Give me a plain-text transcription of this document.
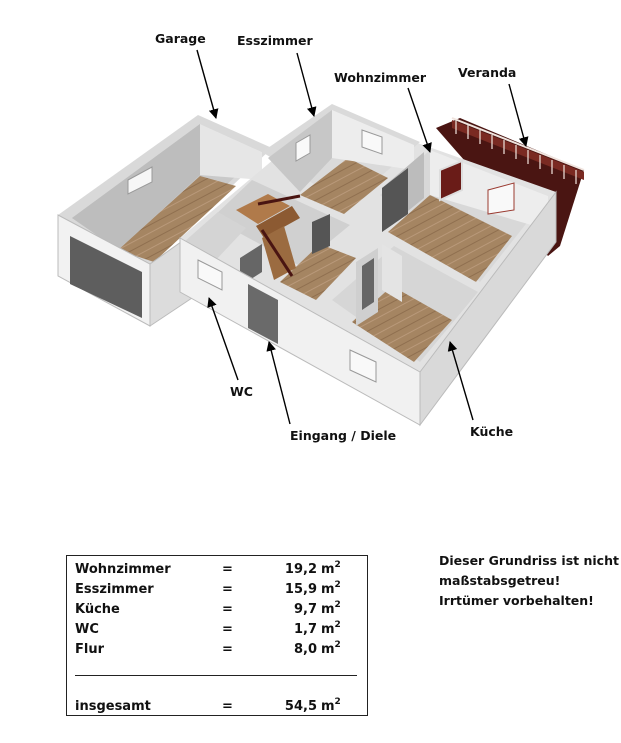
Garage	Esszimmer
Wohnzimmer	Veranda
WC
Eingang / Diele	Küche
Wohnzimmer	=	19,2 $m^2$
Esszimmer	=	15,9 $m^2$
Küche	=	9,7 $m^2$
WC	=	1,7 $m^2$
Flur	=	8,0 $m^2$
insgesamt	=	54,5 $m^2$
Dieser Grundriss ist nicht
maßstabsgetreu!
Irrtümer vorbehalten!
